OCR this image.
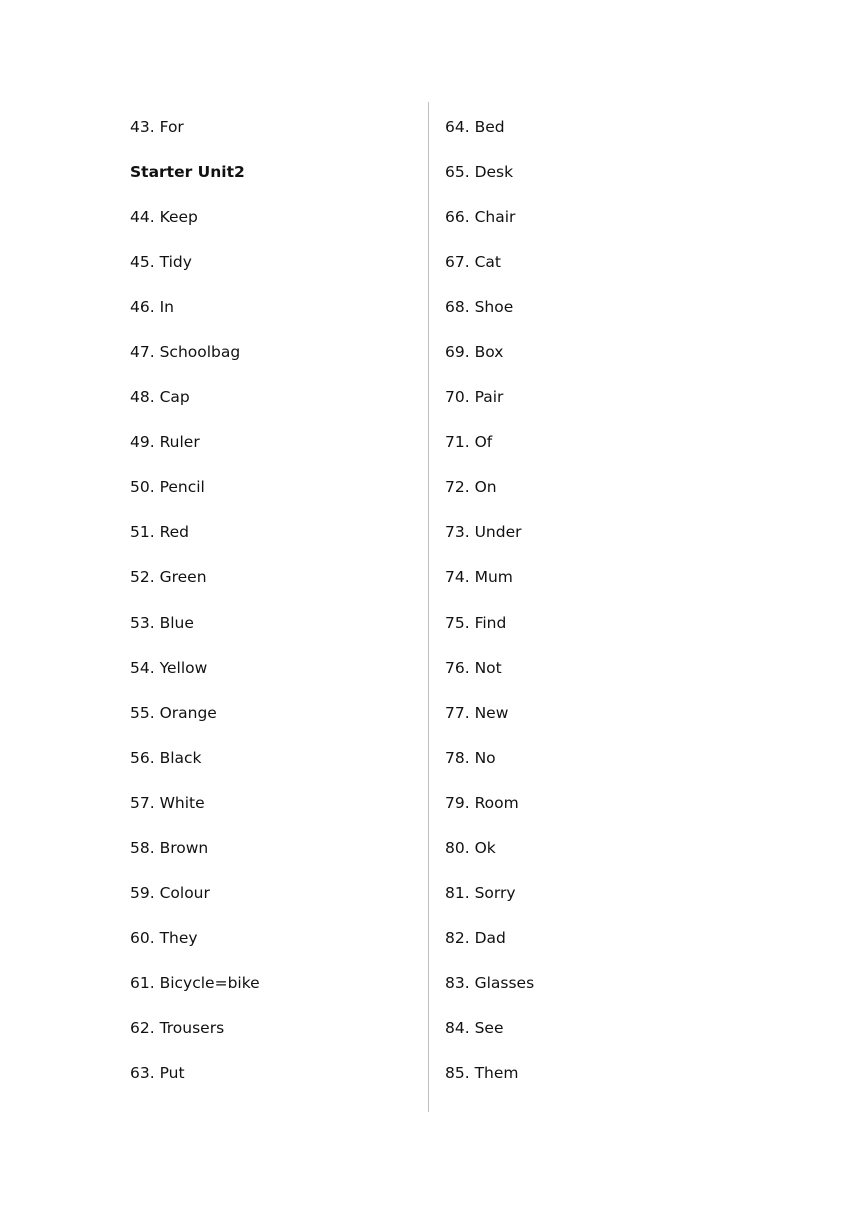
43. For
Starter Unit2
44. Keep
45. Tidy
46. In
47. Schoolbag
48. Cap
49. Ruler
50. Pencil
51. Red
52. Green
53. Blue
54. Yellow
55. Orange
56. Black
57. White
58. Brown
59. Colour
60. They
61. Bicycle=bike
62. Trousers
63. Put
64. Bed
65. Desk
66. Chair
67. Cat
68. Shoe
69. Box
70. Pair
71. Of
72. On
73. Under
74. Mum
75. Find
76. Not
77. New
78. No
79. Room
80. Ok
81. Sorry
82. Dad
83. Glasses
84. See
85. Them
